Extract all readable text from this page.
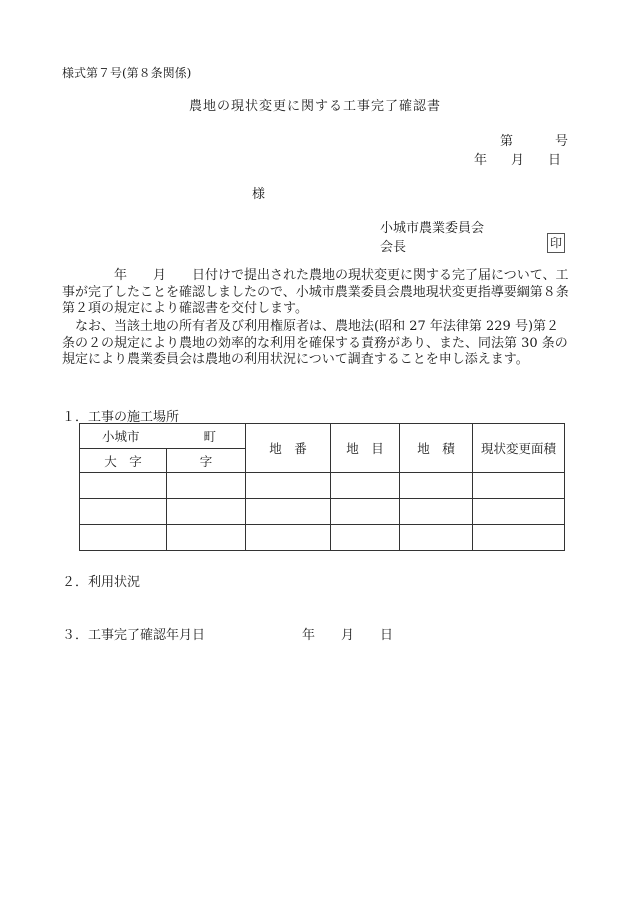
様式第７号(第８条関係)
農地の現状変更に関する工事完了確認書
第	号
年 月 日
様
小城市農業委員会
会長	印
年 月 日付けで提出された農地の現状変更に関する完了届について、工事が完了したことを確認しましたので、小城市農業委員会農地現状変更指導要綱第８条第２項の規定により確認書を交付します。
なお、当該土地の所有者及び利用権原者は、農地法(昭和 27 年法律第 229 号)第２条の２の規定により農地の効率的な利用を確保する責務があり、また、同法第 30 条の規定により農業委員会は農地の利用状況について調査することを申し添えます。
１．工事の施工場所
小城市 町		地　番	地　目	地　積	現状変更面積
大　字	字				

２．利用状況
３．工事完了確認年月日	年 月 日
